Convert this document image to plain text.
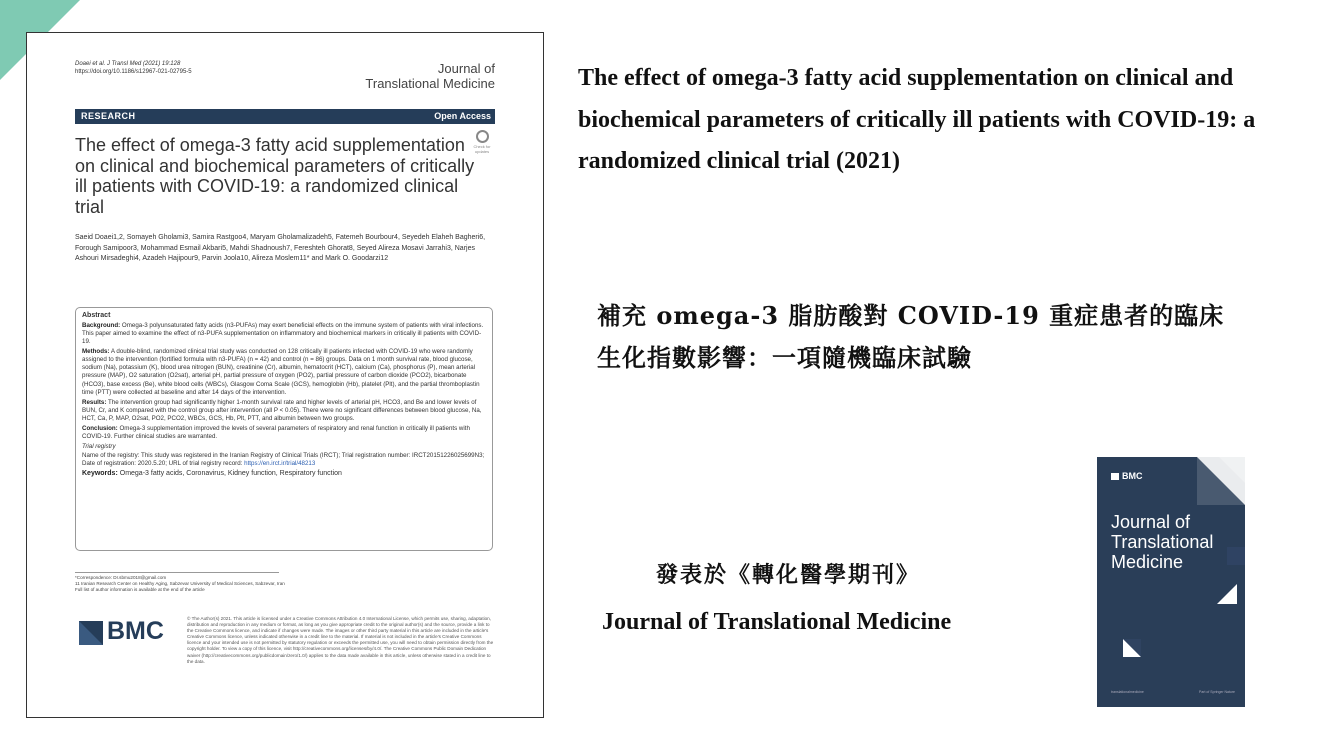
Doaei et al. J Transl Med (2021) 19:128
https://doi.org/10.1186/s12967-021-02795-5	Journal of
Translational Medicine
RESEARCH	Open Access
Check for updates
The effect of omega-3 fatty acid supplementation on clinical and biochemical parameters of critically ill patients with COVID-19: a randomized clinical trial
Saeid Doaei1,2, Somayeh Gholami3, Samira Rastgoo4, Maryam Gholamalizadeh5, Fatemeh Bourbour4, Seyedeh Elaheh Bagheri6, Forough Samipoor3, Mohammad Esmail Akbari5, Mahdi Shadnoush7, Fereshteh Ghorat8, Seyed Alireza Mosavi Jarrahi3, Narjes Ashouri Mirsadeghi4, Azadeh Hajipour9, Parvin Joola10, Alireza Moslem11* and Mark O. Goodarzi12

Abstract

Background: Omega-3 polyunsaturated fatty acids (n3-PUFAs) may exert beneficial effects on the immune system of patients with viral infections. This paper aimed to examine the effect of n3-PUFA supplementation on inflammatory and biochemical markers in critically ill patients with COVID-19.

Methods: A double-blind, randomized clinical trial study was conducted on 128 critically ill patients infected with COVID-19 who were randomly assigned to the intervention (fortified formula with n3-PUFA) (n = 42) and control (n = 86) groups. Data on 1 month survival rate, blood glucose, sodium (Na), potassium (K), blood urea nitrogen (BUN), creatinine (Cr), albumin, hematocrit (HCT), calcium (Ca), phosphorus (P), mean arterial pressure (MAP), O2 saturation (O2sat), arterial pH, partial pressure of oxygen (PO2), partial pressure of carbon dioxide (PCO2), bicarbonate (HCO3), base excess (Be), white blood cells (WBCs), Glasgow Coma Scale (GCS), hemoglobin (Hb), platelet (Plt), and the partial thromboplastin time (PTT) were collected at baseline and after 14 days of the intervention.

Results: The intervention group had significantly higher 1-month survival rate and higher levels of arterial pH, HCO3, and Be and lower levels of BUN, Cr, and K compared with the control group after intervention (all P < 0.05). There were no significant differences between blood glucose, Na, HCT, Ca, P, MAP, O2sat, PO2, PCO2, WBCs, GCS, Hb, Plt, PTT, and albumin between two groups.

Conclusion: Omega-3 supplementation improved the levels of several parameters of respiratory and renal function in critically ill patients with COVID-19. Further clinical studies are warranted.

Trial registry

Name of the registry: This study was registered in the Iranian Registry of Clinical Trials (IRCT); Trial registration number: IRCT20151226025699N3; Date of registration: 2020.5.20; URL of trial registry record: https://en.irct.ir/trial/48213

Keywords: Omega-3 fatty acids, Coronavirus, Kidney function, Respiratory function

*Correspondence: Dr.sbmu2018@gmail.com
11 Iranian Research Center on Healthy Aging, Sabzevar University of Medical Sciences, Sabzevar, Iran
Full list of author information is available at the end of the article
BMC	© The Author(s) 2021. This article is licensed under a Creative Commons Attribution 4.0 International License, which permits use, sharing, adaptation, distribution and reproduction in any medium or format, as long as you give appropriate credit to the original author(s) and the source, provide a link to the Creative Commons licence, and indicate if changes were made. The images or other third party material in this article are included in the article's Creative Commons licence, unless indicated otherwise in a credit line to the material. If material is not included in the article's Creative Commons licence and your intended use is not permitted by statutory regulation or exceeds the permitted use, you will need to obtain permission directly from the copyright holder. To view a copy of this licence, visit http://creativecommons.org/licenses/by/4.0/. The Creative Commons Public Domain Dedication waiver (http://creativecommons.org/publicdomain/zero/1.0/) applies to the data made available in this article, unless otherwise stated in a credit line to the data.
The effect of omega-3 fatty acid supplementation on clinical and biochemical parameters of critically ill patients with COVID-19: a randomized clinical trial (2021)
補充 omega-3 脂肪酸對 COVID-19 重症患者的臨床生化指數影響：一項隨機臨床試驗
發表於《轉化醫學期刊》
Journal of Translational Medicine
BMC
Journal of
Translational
Medicine
translationalmedicine	Part of Springer Nature
